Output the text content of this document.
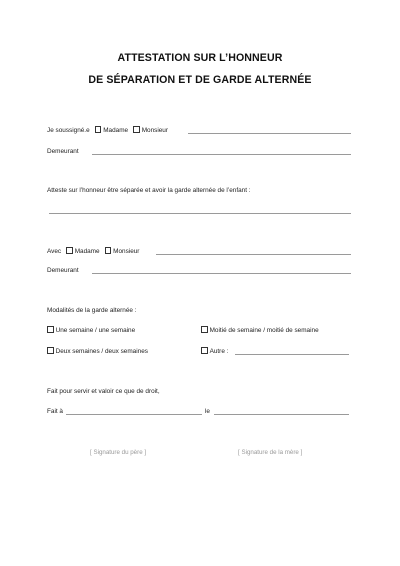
ATTESTATION SUR L’HONNEUR
DE SÉPARATION ET DE GARDE ALTERNÉE
Je soussigné.e Madame Monsieur
Demeurant
Atteste sur l’honneur être séparée et avoir la garde alternée de l’enfant :
Avec Madame Monsieur
Demeurant
Modalités de la garde alternée :
Une semaine / une semaine	Moitié de semaine / moitié de semaine
Deux semaines / deux semaines	Autre :
Fait pour servir et valoir ce que de droit,
Fait à	le
[ Signature du père ]	[ Signature de la mère ]
